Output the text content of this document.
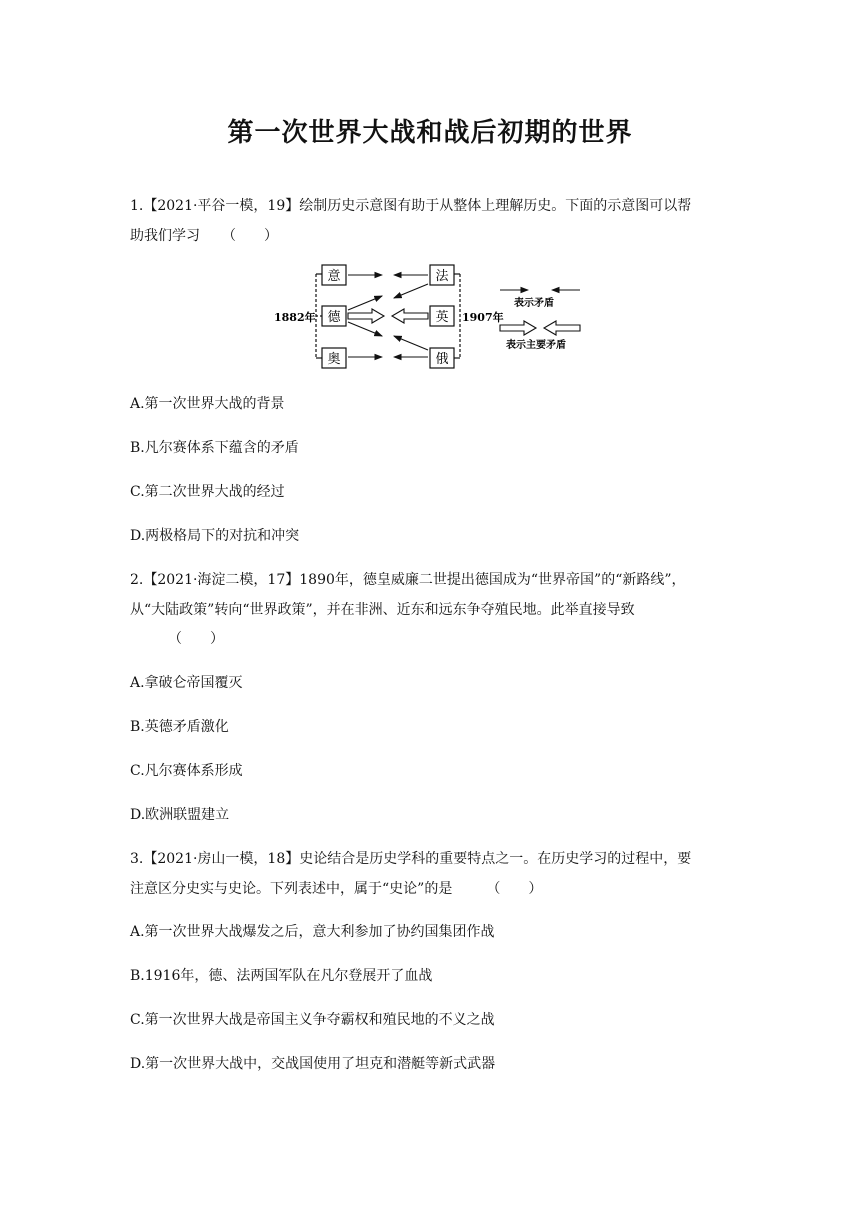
第一次世界大战和战后初期的世界
1.【2021·平谷一模，19】绘制历史示意图有助于从整体上理解历史。下面的示意图可以帮
助我们学习 （　　）
1882年	1907年
意
德
奥
法
英
俄
表示矛盾
表示主要矛盾
A.第一次世界大战的背景
B.凡尔赛体系下蕴含的矛盾
C.第二次世界大战的经过
D.两极格局下的对抗和冲突
2.【2021·海淀二模，17】1890年，德皇威廉二世提出德国成为“世界帝国”的“新路线”，
从“大陆政策”转向“世界政策”，并在非洲、近东和远东争夺殖民地。此举直接导致
（　　）
A.拿破仑帝国覆灭
B.英德矛盾激化
C.凡尔赛体系形成
D.欧洲联盟建立
3.【2021·房山一模，18】史论结合是历史学科的重要特点之一。在历史学习的过程中，要
注意区分史实与史论。下列表述中，属于“史论”的是 （　　）
A.第一次世界大战爆发之后，意大利参加了协约国集团作战
B.1916年，德、法两国军队在凡尔登展开了血战
C.第一次世界大战是帝国主义争夺霸权和殖民地的不义之战
D.第一次世界大战中，交战国使用了坦克和潜艇等新式武器
